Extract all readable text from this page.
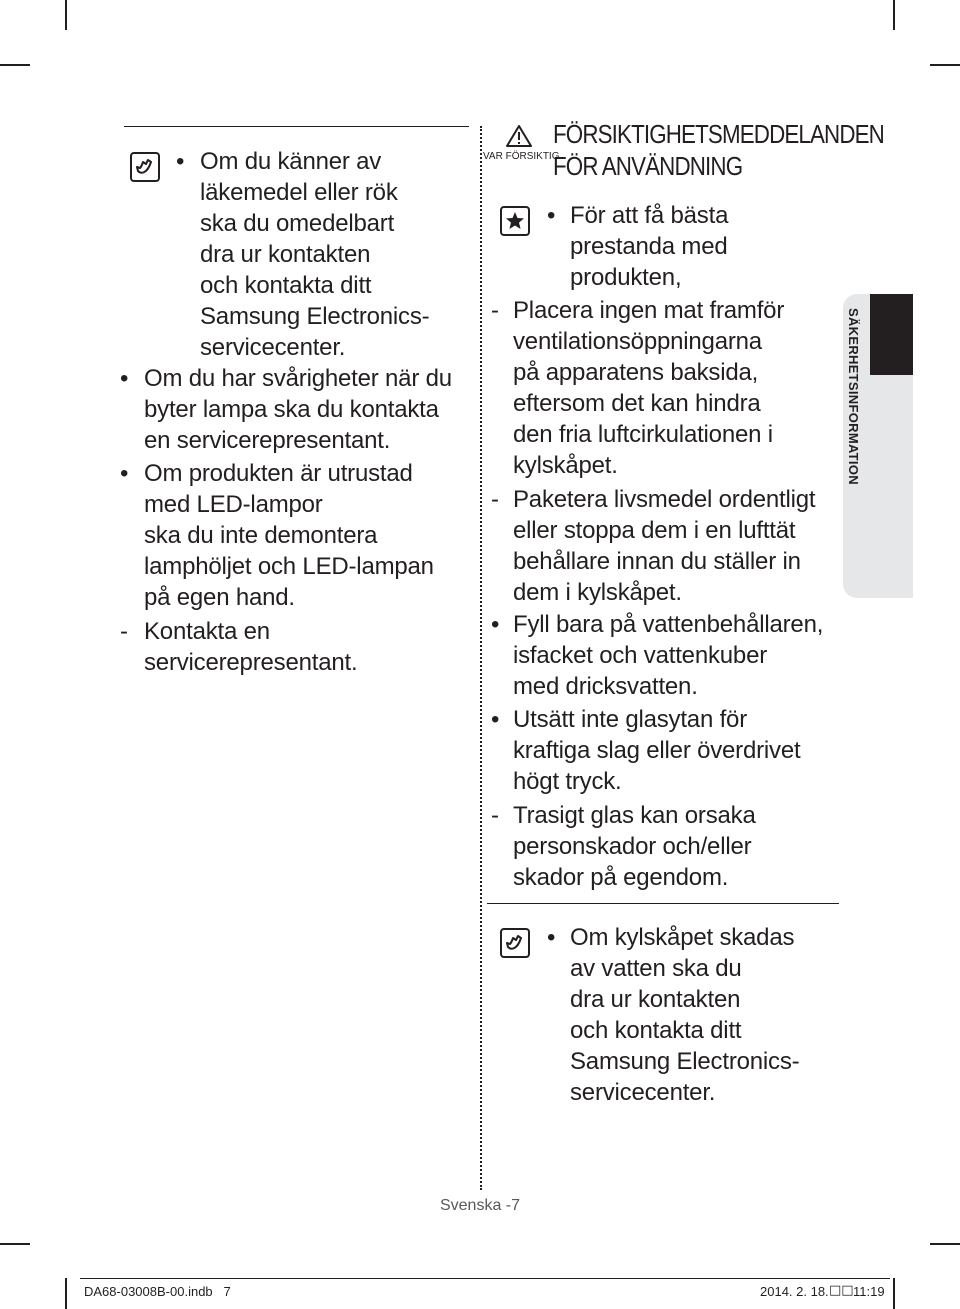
• Om du känner av
läkemedel eller rök
ska du omedelbart
dra ur kontakten
och kontakta ditt
Samsung Electronics-
servicecenter.
• Om du har svårigheter när du
byter lampa ska du kontakta
en servicerepresentant.
• Om produkten är utrustad
med LED-lampor
ska du inte demontera
lamphöljet och LED-lampan
på egen hand.
- Kontakta en
servicerepresentant.
VAR FÖRSIKTIG
FÖRSIKTIGHETSMEDDELANDEN
FÖR ANVÄNDNING
• För att få bästa
prestanda med
produkten,
- Placera ingen mat framför
ventilationsöppningarna
på apparatens baksida,
eftersom det kan hindra
den fria luftcirkulationen i
kylskåpet.
- Paketera livsmedel ordentligt
eller stoppa dem i en lufttät
behållare innan du ställer in
dem i kylskåpet.
• Fyll bara på vattenbehållaren,
isfacket och vattenkuber
med dricksvatten.
• Utsätt inte glasytan för
kraftiga slag eller överdrivet
högt tryck.
- Trasigt glas kan orsaka
personskador och/eller
skador på egendom.
• Om kylskåpet skadas
av vatten ska du
dra ur kontakten
och kontakta ditt
Samsung Electronics-
servicecenter.
SÄKERHETSINFORMATION
Svenska -7
DA68-03008B-00.indb   7	2014. 2. 18. □□ 11:19
